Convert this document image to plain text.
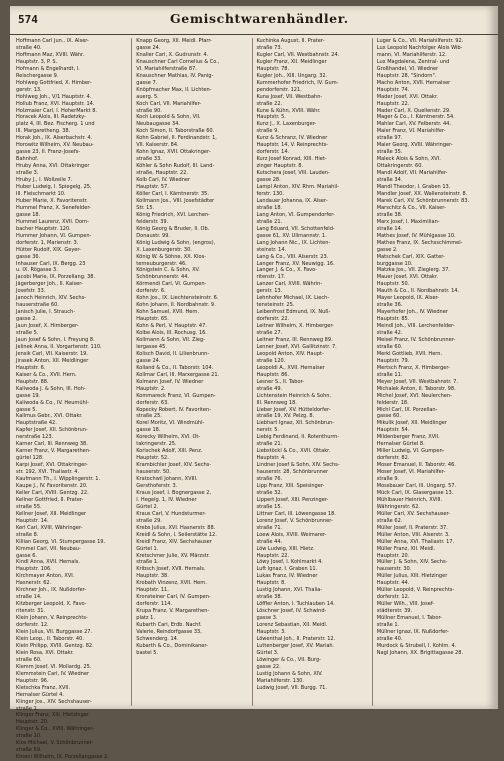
574	Gemischtwarenhändler.
Hoffmann Carl Jun., IX. Alser-
straße 40.
Hoffmann Maz, XVIII. Währ.
Hauptstr. 3, P. S.
Hofmann & Engelhardt, I.
Reischergasse 9.
Hohlweg Gottfried, X. Himber-
gerstr. 13.
Hohlweg Joh., V/1 Hauptstr. 4.
Hollub Franz, XVI. Hauptstr. 14.
Holzmaier Carl, I. HoherMarkt 8.
Horacek Alois, III. Radetzky-
platz 4, III. Bez. Fischerg. 1 und
III. Margaretheng. 38.
Horak Joh., IX. Alserbachstr. 4.
Horowitz Wilhelm, XV. Neubau-
gasse 23, II. Franz-Josefs-
Bahnhof.
Hruby Anna, XVI. Ottakringer
straße 3.
Hruby J., I. Wollzeile 7.
Huber Ludwig, I. Spiegelg. 25,
III. Fleischmarkt 10.
Huber Marie, X. Favoritenstr.
Hummel Franz, X. Senefelder-
gasse 18.
Hummel Laurenz, XVII. Dorn-
bacher Hauptstr. 120.
Hummer Johann, VI. Gumpen-
dorferstr. 1, Marienstr. 3.
Hütter Rudolf, XIX. Geyer-
gasse 36.
Inhauser Carl, IX. Bergg. 23
u. IX. Rögasse 3.
Jacobi Marie, IX. Porzellang. 38.
Jägerberger Joh., II. Kaiser-
Josefstr. 33.
Janoch Heinrich, XIV. Sechs-
hauserstraße 60.
Janisch Julie, I. Strauch-
gasse 2.
Jaun Josef, X. Himberger-
straße 5.
Jaun Josef & Sohn, I. Freyung 8.
Jelinek Anna, II. Vorgartenstr. 110.
Jensik Carl, VII. Kaiserstr. 19.
Jirasek Anton, XII. Meidlinger
Hauptstr. 6.
Kaiser & Co., XVII. Hern.
Hauptstr. 88.
Kaliwoda J. & Sohn, III. Hoh-
gasse 19.
Kaliwoda & Co., IV. Heumühl-
gasse 5.
Kallmus Gebr., XVI. Ottakr.
Hauptstraße 42.
Kapfer Josef, XII. Schönbrun-
nerstraße 123.
Karner Carl, III. Rennweg 38.
Karner Franz, V. Margarethen-
gürtel 128.
Karpi Josef, XVI. Ottakringer-
str. 192, XVI. Thaliastr. 4.
Kaufmann Th., I. Wipplingerstr. 1.
Kaupe J., IV. Favoritenstr. 20.
Keller Carl, XVIII. Gentzg. 22.
Kellner Gottfried, II. Prater-
straße 55.
Kellner Josef, XII. Meidlinger
Hauptstr. 14.
Kerl Carl, XVIII. Währinger-
straße 8.
Killian Georg, VI. Stumpergasse 19.
Kimmel Carl, VII. Neubau-
gasse 6.
Kindl Anna, XVII. Hernals.
Hauptstr. 106.
Kirchmayer Anton, XVI.
Hasnerstr. 62.
Kirchner Joh., IX. Nußdorfer-
straße 14.
Kitzberger Leopold, X. Favo-
ritenstr. 31.
Klein Johann, V. Reinprechts-
dorferstr. 12.
Klein Julius, VII. Burggasse 27.
Klein Leop., II. Taborstr. 40.
Klein Philipp, XVIII. Gentzg. 82.
Klein Rosa, XVI. Ottakr.
straße 60.
Klemm Josef, VI. Mollardg. 25.
Klemmstein Carl, IV. Wiedner
Hauptstr. 96.
Kletschka Franz, XVII.
Hernalser Gürtel 4.
Klinger Jos., XIV. Sechshauser-
straße 1.
Klinger Franz, XIII. Hietzinger
Hauptstr. 20.
Klinger & Co., XVIII. Währinger-
straße 10.
Klos Michael, V. Schönbrunner-
straße 59.
Kmeni Wilhelm, IX. Porzellangasse 2.
Knapp Georg, XII. Meidl. Pfarr-
gasse 24.
Knaller Carl, X. Gudrunstr. 4.
Knauschner Carl Cornelius & Co.,
VI. Mariahilferstraße 87.
Knauschner Mathias, IV. Panig-
gasse 7.
Knöpfmacher Max, II. Lichten-
auerg. 5.
Koch Carl, VII. Mariahilfer-
straße 90.
Koch Leopold & Sohn, VII.
Neubaugasse 34.
Koch Simon, II. Taborstraße 60.
Kohn Gabriel, II. Ferdinandstr. 1,
VII. Kaiserstr. 84.
Kohn Ignaz, XVII. Ottakringer-
straße 33.
Köhler & Sohn Rudolf, III. Land-
straße, Hauptstr. 22.
Kolb Carl, IV. Wiedner
Hauptstr. 57.
Köller Carl, I. Kärntnerstr. 35.
Kollmann Jos., VIII. Josefstädter
Str. 15.
König Friedrich, XVI. Lerchen-
felderstr. 39.
König Georg & Bruder, II. Ob.
Donaustr. 99.
König Ludwig & Sohn, (engros),
X. Laxenburgerstr. 30.
König W. & Söhne, XX. Klos-
terneuburgerstr. 46.
Königstein C. & Sohn, XV.
Schönbrunnerstr. 44.
Körmendi Carl, VI. Gumpen-
dorferstr. 6.
Kohn Jos., IX. Liechtensteinstr. 6.
Kohn Johann, II. Nordbahnstr. 9.
Kohn Samuel, XVII. Hern.
Hauptstr. 65.
Kohn & Perl, V. Hauptstr. 47.
Kolbe Alois, III. Rochusg. 16.
Kollmann & Sohn, VII. Zieg-
lergasse 45.
Kolisch David, II. Lilienbrunn-
gasse 24.
Kolland & Co., II. Taborstr. 104.
Kollmar Carl, III. Marxergasse 21.
Kolmann Josef, IV. Wiedner
Hauptstr. 2.
Kommareck Franz, VI. Gumpen-
dorferstr. 63.
Kopecky Robert, IV. Favoriten-
straße 25.
Korel Moritz, VI. Windmühl-
gasse 18.
Korecky Wilhelm, XVI. Ot-
takringerstr. 25.
Korischek Adolf, XIII. Penz.
Hauptstr. 52.
Krambichler Josef, XIV. Sechs-
hauserstr. 50.
Kratochwil Johann, XVIII.
Gersthoferstr. 3.
Kraus Josef, I. Bognergasse 2,
I. Hegelg. 1, IV. Wiedner
Gürtel 2.
Kraus Carl, V. Hundsturmer-
straße 29.
Krebs Julius, XVI. Hasnerstr. 88.
Kreidl & Sohn, I. Seilerstätte 12.
Kreidl Franz, XIV. Sechshauser
Gürtel 1.
Kretschmer Julie, XV. Märzstr.
straße 1.
Kribsch Josef, XVII. Hernals.
Hauptstr. 38.
Krobath Vinzenz, XVII. Hern.
Hauptstr. 11.
Kronsteiner Carl, IV. Gumpen-
dorferstr. 114.
Krupa Franz, V. Margarethen-
platz 1.
Kubarth Carl, Erdb. Nachf.
Valerie, Reindorfgasse 33,
Schwenderg. 14.
Kubarth & Co., Dominikaner-
bastei 5.
Kuchinka August, II. Prater-
straße 73.
Kugler Carl, VII. Westbahnstr. 24.
Kugler Franz, XII. Meidlinger
Hauptstr. 78.
Kugler Joh., XIII. Ungarg. 32.
Kummerhofer Friedrich, IV. Gum-
pendorferstr. 121.
Kuna Josef, VII. Westbahn-
straße 22.
Kune & Kühn, XVIII. Währ.
Hauptstr. 5.
Kunz J., X. Laxenburger-
straße 9.
Kunz & Schranz, IV. Wiedner
Hauptstr. 14, V. Reinprechts-
dorferstr. 14.
Kurz Josef Konrad, XIII. Hiet-
zinger Hauptstr. 8.
Kutschera Josef, VIII. Lauden-
gasse 28.
Lampl Anton, XIV. Rhm. Mariahil-
ferstr. 130.
Landauer Johanna, IX. Alser-
straße 18.
Lang Anton, VI. Gumpendorfer-
straße 21.
Lang Eduard, VII. Schottenfeld-
gasse 61, XV. Ullmannstr. 1.
Lang Johann Nic., IX. Lichten-
steinstr. 14.
Lang & Co., VIII. Alserstr. 23.
Langer Franz, XV. Neuwigg. 16.
Langer J. & Co., X. Favo-
ritenstr. 17.
Lanzer Carl, XVIII. Währin-
gerstr. 13.
Lehnhofer Michael, IX. Liech-
tensteinstr. 25.
Leibenfrost Edmund, IX. Nuß-
dorferstr. 22.
Leitner Wilhelm, X. Himberger-
straße 27.
Leitner Franz, III. Rennweg 89.
Lenner Josef, XVI. Gallitzinstr. 7.
Leopold Anton, XIV. Haupt-
straße 120.
Leopoldi A., XVII. Hernalser
Hauptstr. 86.
Lesner S., II. Tabor-
straße 49.
Lichtenstein Heinrich & Sohn,
III. Rennweg 18.
Lieber Josef, XV. Hütteldorfer-
straße 19, XV. Pelzg. 8.
Liebhart Ignaz, XII. Schönbrun-
nerstr. 5.
Liebig Ferdinand, II. Rotenthurm-
straße 21.
Liebstöckl & Co., XVII. Ottakr.
Hauptstr. 4.
Lindner Josef & Sohn, XIV. Sechs-
hauserstr. 28, Schönbrunner
straße 76.
Lipp Franz, XIII. Speisinger-
straße 32.
Lippert Josef, XIII. Penzinger-
straße 15.
Littner Carl, III. Löwengasse 18.
Lorenz Josef, V. Schönbrunner-
straße 71.
Loew Alois, XVIII. Weimarer-
straße 44.
Löw Ludwig, XIII. Hietz.
Hauptstr. 22.
Löwy Josef, I. Kohlmarkt 4.
Luft Ignaz, I. Graben 11.
Lukas Franz, IV. Wiedner
Hauptstr. 8.
Lustig Johann, XVI. Thalia-
straße 38.
Löffler Anton, I. Tuchlauben 14.
Löschner Josef, IV. Schwind-
gasse 3.
Lorenz Sebastian, XII. Meidl.
Hauptstr. 3.
Löwenthal Joh., II. Praterstr. 12.
Luttenberger Josef, XV. Mariah.
Gürtel 3.
Löwinger & Co., VII. Burg-
gasse 22.
Lustig Johann & Sohn, XIV.
Mariahilferstr. 130.
Ludwig Josef, VII. Burgg. 71.
Luger & Co., VII. Mariahilferstr. 92.
Lux Leopold Nachfolger Alois Wib-
mann, VI. Mariahilferstr. 12.
Lux Magdalena, Zentral- und
Großhandel, VI. Wiedner
Hauptstr. 28, "Sindorn".
Macho Anton, XVII. Hernalser
Hauptstr. 74.
Mader Josef, XVI. Ottakr.
Hauptstr. 22.
Mader Carl, X. Quellenstr. 29.
Mager & Co., I. Kärntnerstr. 54.
Mahler Carl, XV. Felberstr. 44.
Maier Franz, VI. Mariahilfer-
straße 97.
Maier Georg, XVIII. Währinger-
straße 35.
Maleck Alois & Sohn, XVI.
Ottakringerstr. 60.
Mandl Adolf, VII. Mariahilfer-
straße 34.
Mandl Theodor, I. Graben 13.
Mandler Josef, XX. Wallensteinstr. 8.
Marek Carl, XV. Schönbrunnerstr. 83.
Marschitz & Co., VII. Kaiser-
straße 38.
Marx Josef, I. Maximilian-
straße 14.
Mathes Josef, IV. Mühlgasse 10.
Mathes Franz, IX. Sechsschimmel-
gasse 2.
Matschek Carl, XIX. Gatter-
burggasse 10.
Matzka Jos., VII. Zieglerg. 37.
Mauer Josef, XVI. Ottakr.
Hauptstr. 50.
Mauth & Co., II. Nordbahnstr. 14.
Mayer Leopold, IX. Alser-
straße 36.
Mayerhofer Joh., IV. Wiedner
Hauptstr. 85.
Meindl Joh., VIII. Lerchenfelder-
straße 42.
Meisel Franz, IV. Schönbrunner-
straße 60.
Merkl Gottlieb, XVII. Hern.
Hauptstr. 79.
Mertsch Franz, X. Himberger-
straße 11.
Meyer Josef, VII. Westbahnstr. 7.
Michalek Anton, II. Taborstr. 98.
Michel Josef, XVI. Neulerchen-
felderstr. 18.
Michl Carl, IX. Porzellan-
gasse 60.
Mikulik Josef, XII. Meidlinger
Hauptstr. 54.
Mildenberger Franz, XVII.
Hernalser Gürtel 8.
Miller Ludwig, VI. Gumpen-
dorferstr. 82.
Moser Emanuel, II. Taborstr. 46.
Moser Josef, VI. Mariahilfer-
straße 9.
Mossbauer Carl, III. Ungarg. 57.
Mück Carl, IX. Glasergasse 13.
Mühlbauer Heinrich, XVIII.
Währingerstr. 62.
Müller Carl, XV. Sechshauser-
straße 62.
Müller Josef, II. Praterstr. 37.
Müller Anton, VIII. Alserstr. 3.
Müller Anna, XVI. Thaliastr. 17.
Müller Franz, XII. Meidl.
Hauptstr. 20.
Müller J. & Sohn, XIV. Sechs-
hauserstr. 30.
Müller Julius, XIII. Hietzinger
Hauptstr. 44.
Müller Leopold, V. Reinprechts-
dorferstr. 12.
Müller Wilh., VIII. Josef-
städterstr. 39.
Müllner Emanuel, I. Tabor-
straße 1.
Müllner Ignaz, IX. Nußdorfer-
straße 40.
Murdock & Strubell, I. Kohlm. 4.
Nagl Johann, XX. Brigittagasse 28.
